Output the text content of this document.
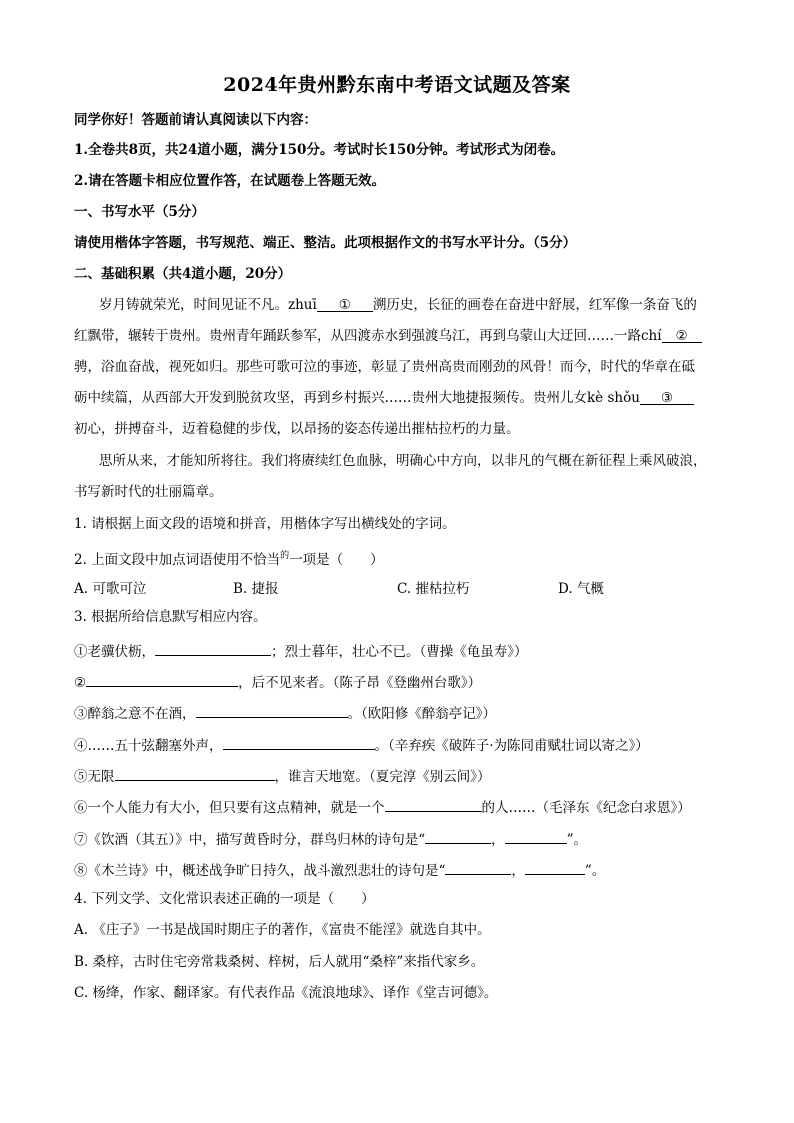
2024年贵州黔东南中考语文试题及答案
同学你好！答题前请认真阅读以下内容：
1.全卷共8页，共24道小题，满分150分。考试时长150分钟。考试形式为闭卷。
2.请在答题卡相应位置作答，在试题卷上答题无效。
一、书写水平（5分）
请使用楷体字答题，书写规范、端正、整洁。此项根据作文的书写水平计分。（5分）
二、基础积累（共4道小题，20分）
岁月铸就荣光，时间见证不凡。zhuī ① 溯历史，长征的画卷在奋进中舒展，红军像一条奋飞的
红飘带，辗转于贵州。贵州青年踊跃参军，从四渡赤水到强渡乌江，再到乌蒙山大迂回……一路chí ②
骋，浴血奋战，视死如归。那些可歌可泣的事迹，彰显了贵州高贵而刚劲的风骨！而今，时代的华章在砥
砺中续篇，从西部大开发到脱贫攻坚，再到乡村振兴……贵州大地捷报频传。贵州儿女kè shǒu ③
初心，拼搏奋斗，迈着稳健的步伐，以昂扬的姿态传递出摧枯拉朽的力量。
思所从来，才能知所将往。我们将赓续红色血脉，明确心中方向，以非凡的气概在新征程上乘风破浪，
书写新时代的壮丽篇章。
1. 请根据上面文段的语境和拼音，用楷体字写出横线处的字词。
2. 上面文段中加点词语使用不恰当$^的$一项是（　　）
A. 可歌可泣	B. 捷报	C. 摧枯拉朽	D. 气概
3. 根据所给信息默写相应内容。
①老骥伏枥，	；烈士暮年，壮心不已。（曹操《龟虽寿》）
②	，后不见来者。（陈子昂《登幽州台歌》）
③醉翁之意不在酒，	。（欧阳修《醉翁亭记》）
④……五十弦翻塞外声，	。（辛弃疾《破阵子·为陈同甫赋壮词以寄之》）
⑤无限	，谁言天地宽。（夏完淳《别云间》）
⑥一个人能力有大小，但只要有这点精神，就是一个	的人……（毛泽东《纪念白求恩》）
⑦《饮酒（其五）》中，描写黄昏时分，群鸟归林的诗句是“	，	”。
⑧《木兰诗》中，概述战争旷日持久，战斗激烈悲壮的诗句是“	，	”。
4. 下列文学、文化常识表述正确的一项是（　　）
A. 《庄子》一书是战国时期庄子的著作，《富贵不能淫》就选自其中。
B. 桑梓，古时住宅旁常栽桑树、梓树，后人就用“桑梓”来指代家乡。
C. 杨绛，作家、翻译家。有代表作品《流浪地球》、译作《堂吉诃德》。
